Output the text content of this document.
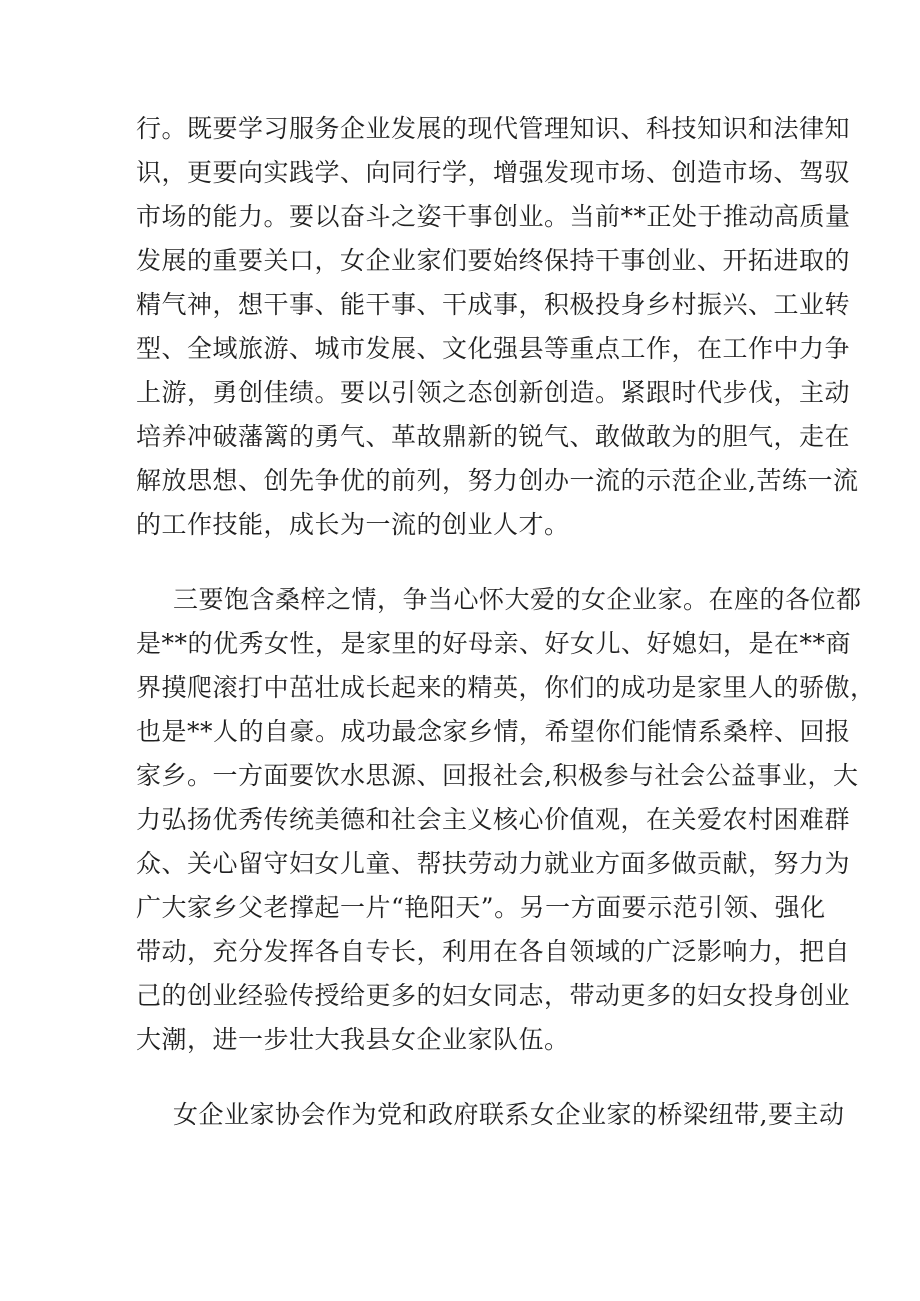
行。既要学习服务企业发展的现代管理知识、科技知识和法律知
识，更要向实践学、向同行学，增强发现市场、创造市场、驾驭
市场的能力。要以奋斗之姿干事创业。当前**正处于推动高质量
发展的重要关口，女企业家们要始终保持干事创业、开拓进取的
精气神，想干事、能干事、干成事，积极投身乡村振兴、工业转
型、全域旅游、城市发展、文化强县等重点工作，在工作中力争
上游，勇创佳绩。要以引领之态创新创造。紧跟时代步伐，主动
培养冲破藩篱的勇气、革故鼎新的锐气、敢做敢为的胆气，走在
解放思想、创先争优的前列，努力创办一流的示范企业,苦练一流
的工作技能，成长为一流的创业人才。
三要饱含桑梓之情，争当心怀大爱的女企业家。在座的各位都
是**的优秀女性，是家里的好母亲、好女儿、好媳妇，是在**商
界摸爬滚打中茁壮成长起来的精英，你们的成功是家里人的骄傲，
也是**人的自豪。成功最念家乡情，希望你们能情系桑梓、回报
家乡。一方面要饮水思源、回报社会,积极参与社会公益事业，大
力弘扬优秀传统美德和社会主义核心价值观，在关爱农村困难群
众、关心留守妇女儿童、帮扶劳动力就业方面多做贡献，努力为
广大家乡父老撑起一片“艳阳天”。另一方面要示范引领、强化
带动，充分发挥各自专长，利用在各自领域的广泛影响力，把自
己的创业经验传授给更多的妇女同志，带动更多的妇女投身创业
大潮，进一步壮大我县女企业家队伍。
女企业家协会作为党和政府联系女企业家的桥梁纽带,要主动
